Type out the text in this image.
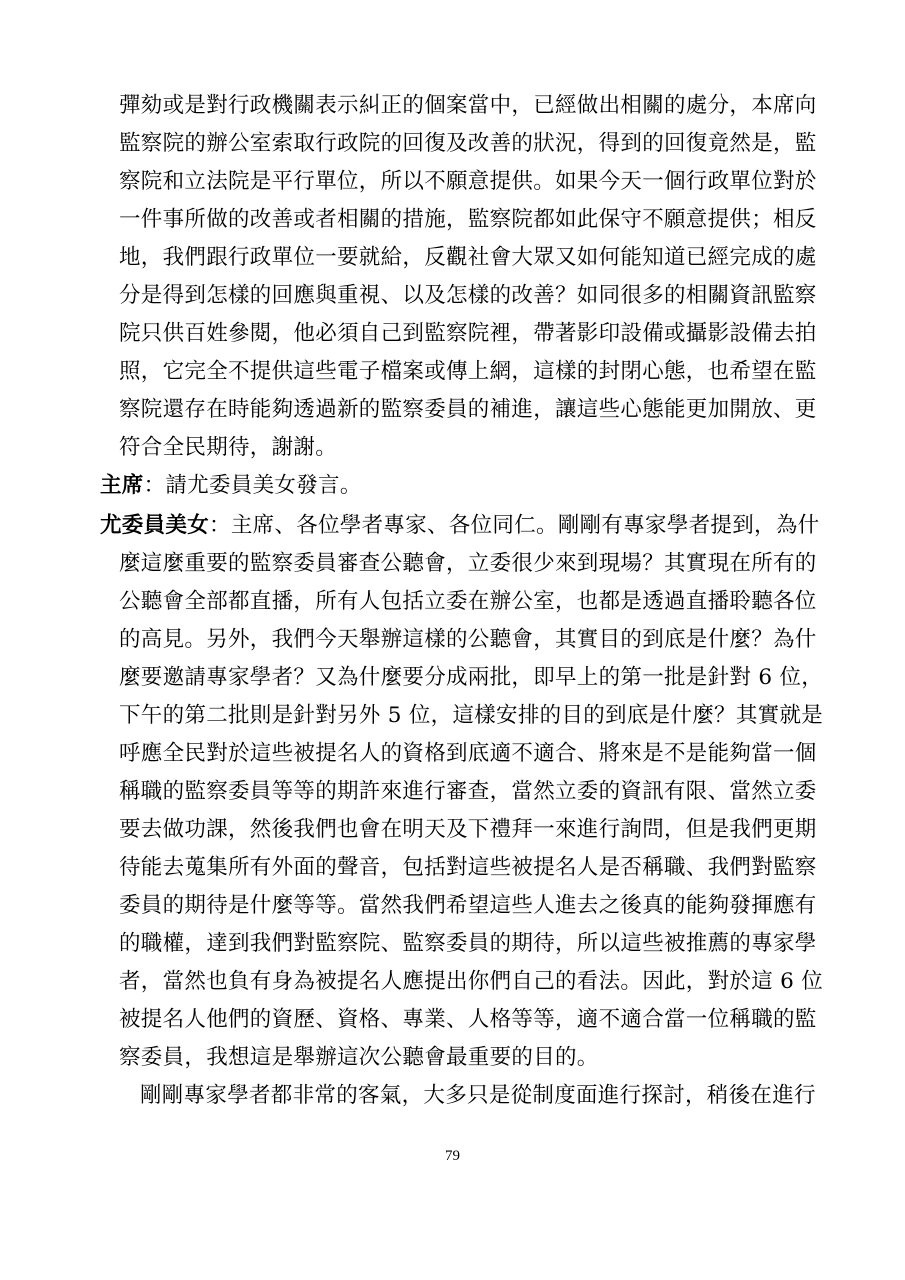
彈劾或是對行政機關表示糾正的個案當中，已經做出相關的處分，本席向
監察院的辦公室索取行政院的回復及改善的狀況，得到的回復竟然是，監
察院和立法院是平行單位，所以不願意提供。如果今天一個行政單位對於
一件事所做的改善或者相關的措施，監察院都如此保守不願意提供；相反
地，我們跟行政單位一要就給，反觀社會大眾又如何能知道已經完成的處
分是得到怎樣的回應與重視、以及怎樣的改善？如同很多的相關資訊監察
院只供百姓參閱，他必須自己到監察院裡，帶著影印設備或攝影設備去拍
照，它完全不提供這些電子檔案或傳上網，這樣的封閉心態，也希望在監
察院還存在時能夠透過新的監察委員的補進，讓這些心態能更加開放、更
符合全民期待，謝謝。
主席：請尤委員美女發言。
尤委員美女：主席、各位學者專家、各位同仁。剛剛有專家學者提到，為什
麼這麼重要的監察委員審查公聽會，立委很少來到現場？其實現在所有的
公聽會全部都直播，所有人包括立委在辦公室，也都是透過直播聆聽各位
的高見。另外，我們今天舉辦這樣的公聽會，其實目的到底是什麼？為什
麼要邀請專家學者？又為什麼要分成兩批，即早上的第一批是針對 6 位，
下午的第二批則是針對另外 5 位，這樣安排的目的到底是什麼？其實就是
呼應全民對於這些被提名人的資格到底適不適合、將來是不是能夠當一個
稱職的監察委員等等的期許來進行審查，當然立委的資訊有限、當然立委
要去做功課，然後我們也會在明天及下禮拜一來進行詢問，但是我們更期
待能去蒐集所有外面的聲音，包括對這些被提名人是否稱職、我們對監察
委員的期待是什麼等等。當然我們希望這些人進去之後真的能夠發揮應有
的職權，達到我們對監察院、監察委員的期待，所以這些被推薦的專家學
者，當然也負有身為被提名人應提出你們自己的看法。因此，對於這 6 位
被提名人他們的資歷、資格、專業、人格等等，適不適合當一位稱職的監
察委員，我想這是舉辦這次公聽會最重要的目的。
剛剛專家學者都非常的客氣，大多只是從制度面進行探討，稍後在進行
79
